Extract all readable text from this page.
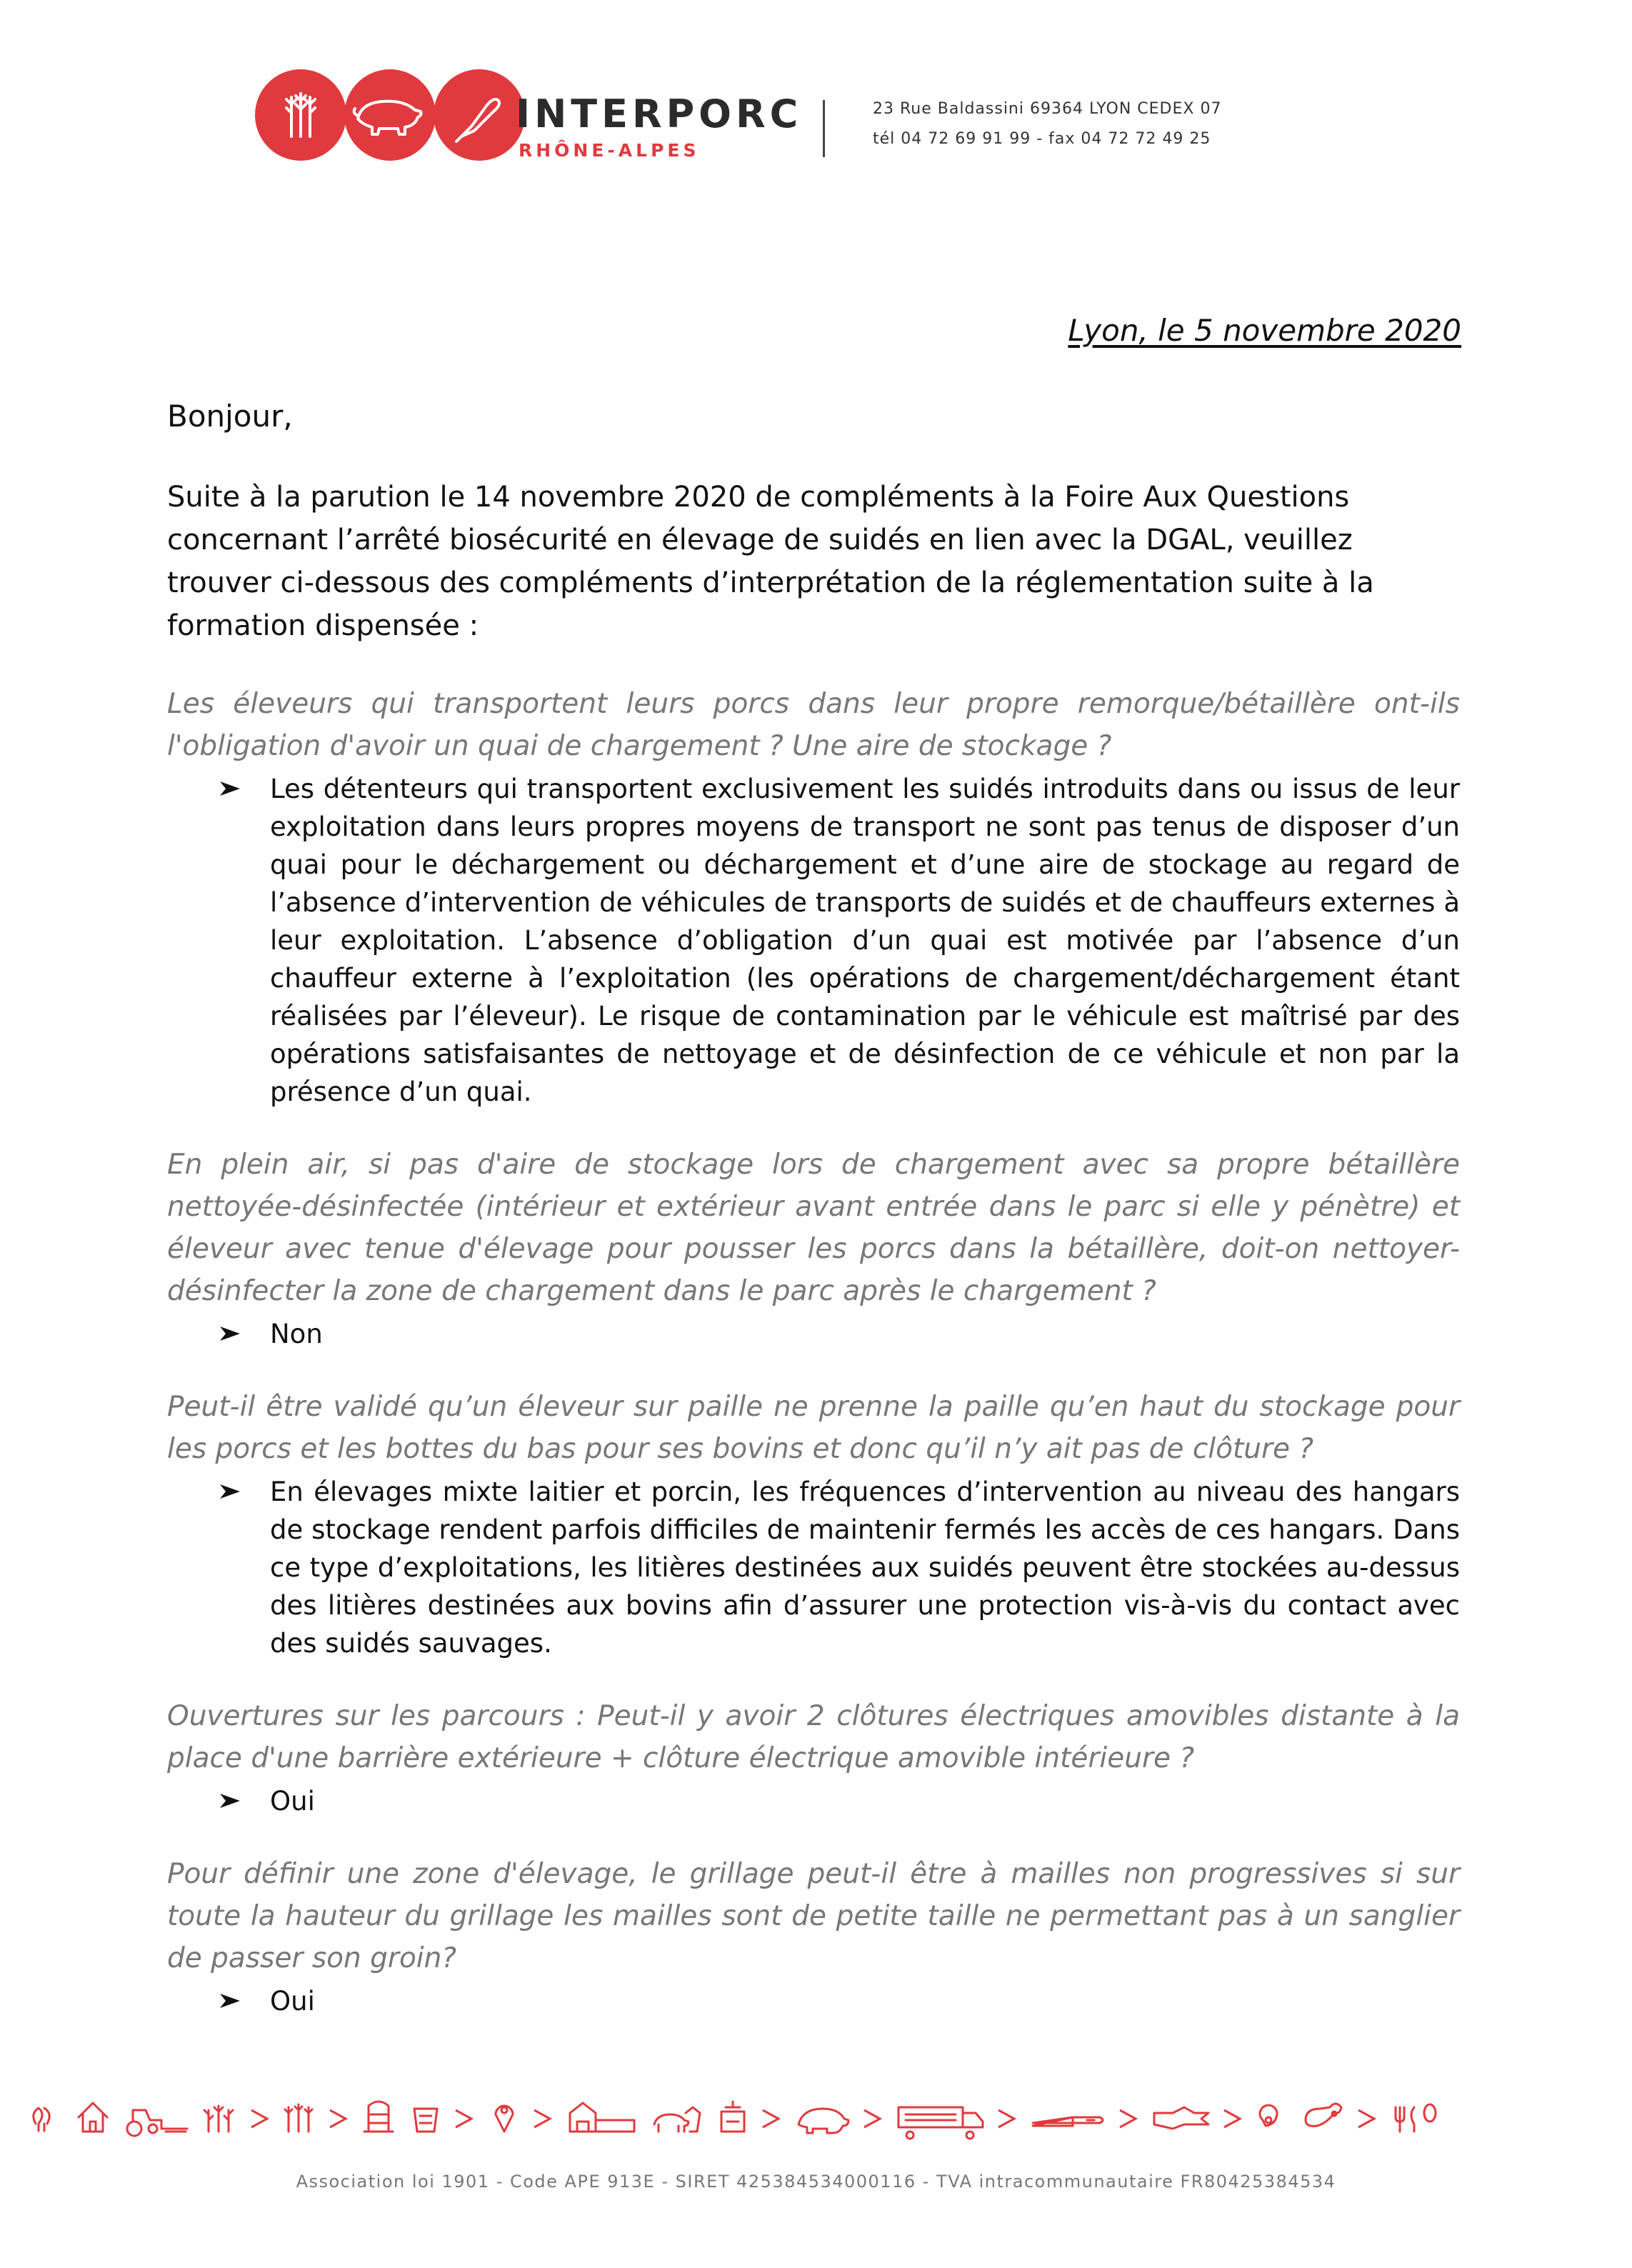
INTERPORC
RHÔNE-ALPES
23 Rue Baldassini 69364 LYON CEDEX 07
tél 04 72 69 91 99 - fax 04 72 72 49 25
Lyon, le 5 novembre 2020
Bonjour,
Suite à la parution le 14 novembre 2020 de compléments à la Foire Aux Questions concernant l’arrêté biosécurité en élevage de suidés en lien avec la DGAL, veuillez trouver ci-dessous des compléments d’interprétation de la réglementation suite à la formation dispensée :
Les éleveurs qui transportent leurs porcs dans leur propre remorque/bétaillère ont-ils l'obligation d'avoir un quai de chargement ? Une aire de stockage ?
Les détenteurs qui transportent exclusivement les suidés introduits dans ou issus de leur exploitation dans leurs propres moyens de transport ne sont pas tenus de disposer d’un quai pour le déchargement ou déchargement et d’une aire de stockage au regard de l’absence d’intervention de véhicules de transports de suidés et de chauffeurs externes à leur exploitation. L’absence d’obligation d’un quai est motivée par l’absence d’un chauffeur externe à l’exploitation (les opérations de chargement/déchargement étant réalisées par l’éleveur). Le risque de contamination par le véhicule est maîtrisé par des opérations satisfaisantes de nettoyage et de désinfection de ce véhicule et non par la présence d’un quai.
En plein air, si pas d'aire de stockage lors de chargement avec sa propre bétaillère nettoyée-désinfectée (intérieur et extérieur avant entrée dans le parc si elle y pénètre) et éleveur avec tenue d'élevage pour pousser les porcs dans la bétaillère, doit-on nettoyer-désinfecter la zone de chargement dans le parc après le chargement ?
Non
Peut-il être validé qu’un éleveur sur paille ne prenne la paille qu’en haut du stockage pour les porcs et les bottes du bas pour ses bovins et donc qu’il n’y ait pas de clôture ?
En élevages mixte laitier et porcin, les fréquences d’intervention au niveau des hangars de stockage rendent parfois difficiles de maintenir fermés les accès de ces hangars. Dans ce type d’exploitations, les litières destinées aux suidés peuvent être stockées au-dessus des litières destinées aux bovins afin d’assurer une protection vis-à-vis du contact avec des suidés sauvages.
Ouvertures sur les parcours : Peut-il y avoir 2 clôtures électriques amovibles distante à la place d'une barrière extérieure + clôture électrique amovible intérieure ?
Oui
Pour définir une zone d'élevage, le grillage peut-il être à mailles non progressives si sur toute la hauteur du grillage les mailles sont de petite taille ne permettant pas à un sanglier de passer son groin?
Oui
Association loi 1901 - Code APE 913E - SIRET 425384534000116 - TVA intracommunautaire FR80425384534
